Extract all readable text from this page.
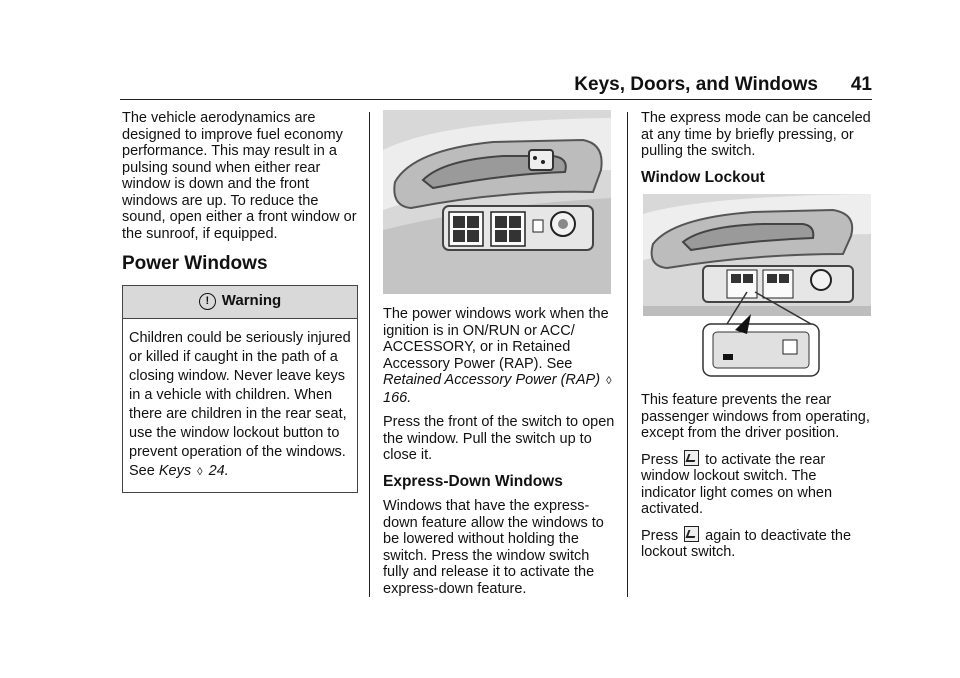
Keys, Doors, and Windows 41

The vehicle aerodynamics are designed to improve fuel economy performance. This may result in a pulsing sound when either rear window is down and the front windows are up. To reduce the sound, open either a front window or the sunroof, if equipped.

Power Windows
! Warning
Children could be seriously injured or killed if caught in the path of a closing window. Never leave keys in a vehicle with children. When there are children in the rear seat, use the window lockout button to prevent operation of the windows. See Keys ◊ 24.

The power windows work when the ignition is in ON/RUN or ACC/ ACCESSORY, or in Retained Accessory Power (RAP). See Retained Accessory Power (RAP) ◊ 166.

Press the front of the switch to open the window. Pull the switch up to close it.

Express-Down Windows

Windows that have the express-down feature allow the windows to be lowered without holding the switch. Press the window switch fully and release it to activate the express-down feature.

The express mode can be canceled at any time by briefly pressing, or pulling the switch.

Window Lockout

This feature prevents the rear passenger windows from operating, except from the driver position.

Press to activate the rear window lockout switch. The indicator light comes on when activated.

Press again to deactivate the lockout switch.
